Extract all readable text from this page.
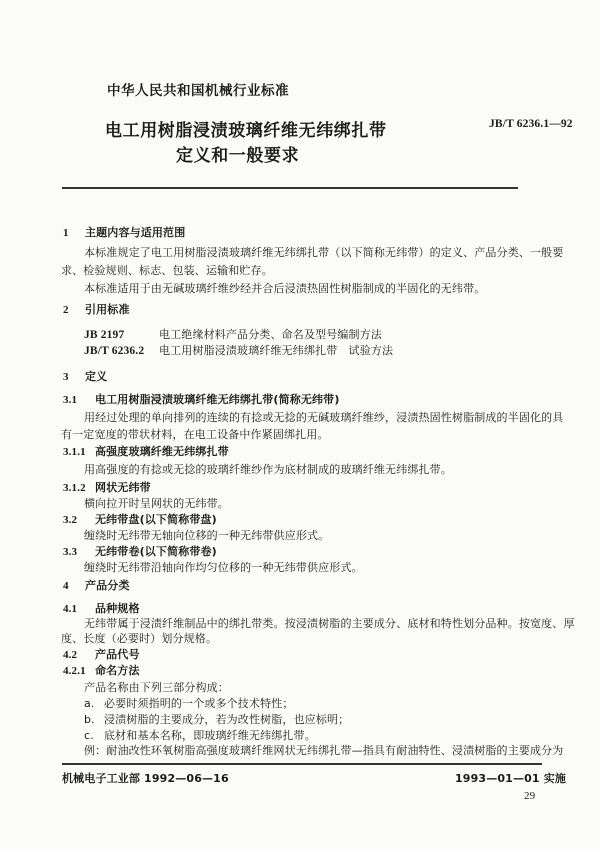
中华人民共和国机械行业标准
电工用树脂浸渍玻璃纤维无纬绑扎带
定义和一般要求
JB/T 6236.1—92
1 主题内容与适用范围
本标准规定了电工用树脂浸渍玻璃纤维无纬绑扎带（以下简称无纬带）的定义、产品分类、一般要
求、检验规则、标志、包装、运输和贮存。
本标准适用于由无碱玻璃纤维纱经并合后浸渍热固性树脂制成的半固化的无纬带。
2 引用标准
JB 2197	电工绝缘材料产品分类、命名及型号编制方法
JB/T 6236.2 电工用树脂浸渍玻璃纤维无纬绑扎带　试验方法
3 定义
3.1 电工用树脂浸渍玻璃纤维无纬绑扎带(简称无纬带)
用经过处理的单向排列的连续的有捻或无捻的无碱玻璃纤维纱，浸渍热固性树脂制成的半固化的具
有一定宽度的带状材料，在电工设备中作紧固绑扎用。
3.1.1 高强度玻璃纤维无纬绑扎带
用高强度的有捻或无捻的玻璃纤维纱作为底材制成的玻璃纤维无纬绑扎带。
3.1.2 网状无纬带
横向拉开时呈网状的无纬带。
3.2 无纬带盘(以下简称带盘)
缠绕时无纬带无轴向位移的一种无纬带供应形式。
3.3 无纬带卷(以下简称带卷)
缠绕时无纬带沿轴向作均匀位移的一种无纬带供应形式。
4 产品分类
4.1 品种规格
无纬带属于浸渍纤维制品中的绑扎带类。按浸渍树脂的主要成分、底材和特性划分品种。按宽度、厚
度、长度（必要时）划分规格。
4.2 产品代号
4.2.1 命名方法
产品名称由下列三部分构成：
a. 必要时须指明的一个或多个技术特性；
b. 浸渍树脂的主要成分，若为改性树脂，也应标明；
c. 底材和基本名称，即玻璃纤维无纬绑扎带。
例：耐油改性环氧树脂高强度玻璃纤维网状无纬绑扎带—指具有耐油特性、浸渍树脂的主要成分为
机械电子工业部 1992—06—16	1993—01—01 实施
29
